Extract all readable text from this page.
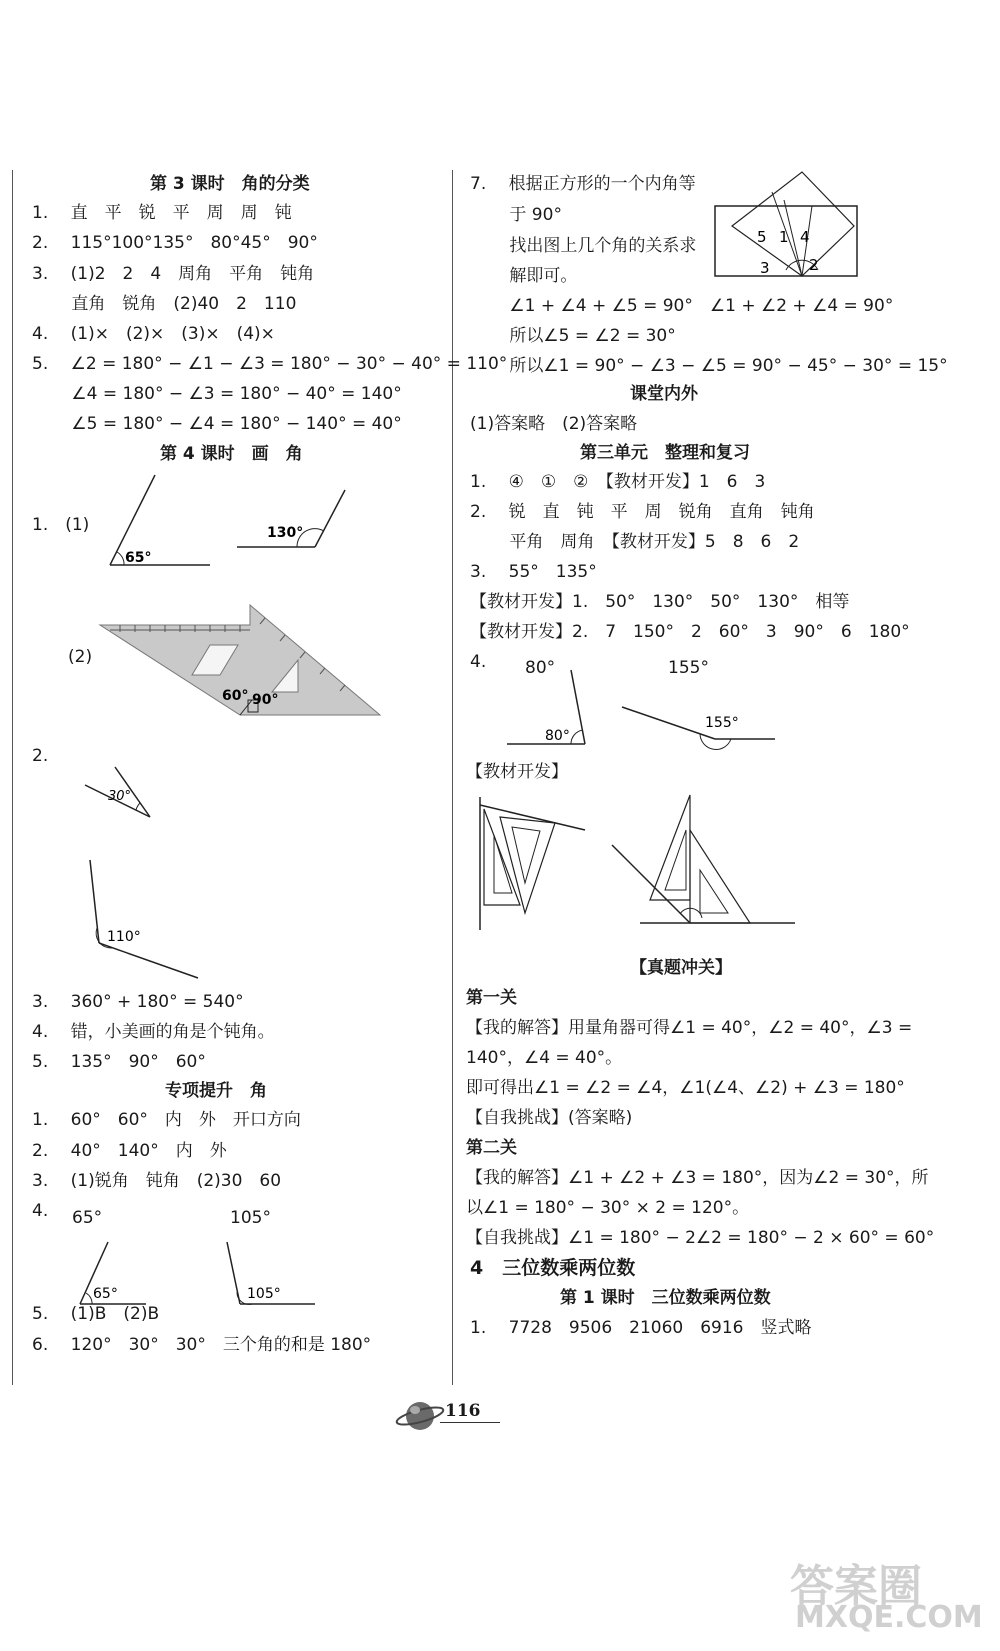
第 3 课时　角的分类
1.　 直　平　锐　平　周　周　钝
2.　 115°100°135°　80°45°　90°
3.　 (1)2　2　4　周角　平角　钝角
　　 直角　锐角　(2)40　2　110
4.　 (1)×　(2)×　(3)×　(4)×
5.　 ∠2 = 180° − ∠1 − ∠3 = 180° − 30° − 40° = 110°
　　 ∠4 = 180° − ∠3 = 180° − 40° = 140°
　　 ∠5 = 180° − ∠4 = 180° − 140° = 40°
第 4 课时　画　角
1.　(1)
65°
130°
(2)
60° 90°
2.
30°
110°
3.　 360° + 180° = 540°
4.　 错，小美画的角是个钝角。
5.　 135°　90°　60°
专项提升　角
1.　 60°　60°　内　外　开口方向
2.　 40°　140°　内　外
3.　 (1)锐角　钝角　(2)30　60
4. 65°	105°
65°	105°
5.　 (1)B　(2)B
6.　 120°　30°　30°　三个角的和是 180°
7.　 根据正方形的一个内角等
　　 于 90°
　　 找出图上几个角的关系求
　　 解即可。
　　 ∠1 + ∠4 + ∠5 = 90°　∠1 + ∠2 + ∠4 = 90°
　　 所以∠5 = ∠2 = 30°
　　 所以∠1 = 90° − ∠3 − ∠5 = 90° − 45° − 30° = 15°
5 1 4
3	2
课堂内外
(1)答案略　(2)答案略
第三单元　整理和复习
1.　 ④　①　②　【教材开发】1　6　3
2.　 锐　直　钝　平　周　锐角　直角　钝角
　　 平角　周角　【教材开发】5　8　6　2
3.　 55°　135°
【教材开发】1.　50°　130°　50°　130°　相等
【教材开发】2.　7　150°　2　60°　3　90°　6　180°
4. 80°	155°
80°
155°
【教材开发】
【真题冲关】
第一关
【我的解答】用量角器可得∠1 = 40°，∠2 = 40°，∠3 =
140°，∠4 = 40°。
即可得出∠1 = ∠2 = ∠4，∠1(∠4、∠2) + ∠3 = 180°
【自我挑战】(答案略)
第二关
【我的解答】∠1 + ∠2 + ∠3 = 180°，因为∠2 = 30°，所
以∠1 = 180° − 30° × 2 = 120°。
【自我挑战】∠1 = 180° − 2∠2 = 180° − 2 × 60° = 60°
4　三位数乘两位数
第 1 课时　三位数乘两位数
1.　 7728　9506　21060　6916　竖式略
116
答案圈
MXQE.COM
